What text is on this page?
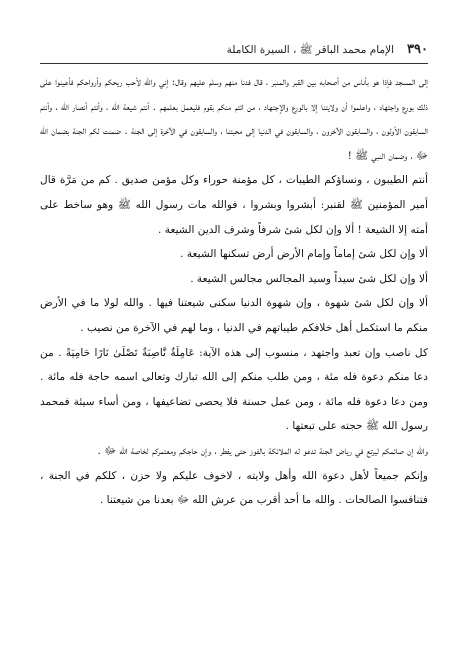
٣٩٠
الإمام محمد الباقر ﷺ ، السيرة الكاملة

إلى المسجد فإذا هو بأناس من أصحابه بين القبر والمنبر ، قال فدنا منهم وسلم عليهم وقال: إني والله لأحب ريحكم وأرواحكم فأعينوا على ذلك بورع واجتهاد ، واعلموا أن ولايتنا إلا بالورع والإجتهاد ، من ائتم منكم بقوم فليعمل بعلمهم . أنتم شيعة الله ، وأنتم أنصار الله ، وأنتم السابقون الأولون ، والسابقون الآخرون ، والسابقون في الدنيا إلى محبتنا ، والسابقون في الآخرة إلى الجنة . ضمنت لكم الجنة بضمان الله ﷻ ، وضمان النبي ﷺ !

أنتم الطيبون ، ونساؤكم الطيبات ، كل مؤمنة حوراء وكل مؤمن صديق . كم من مَرَّة قال أمير المؤمنين ﷺ لقنبر: أبشروا وبشروا ، فوالله مات رسول الله ﷺ وهو ساخط على أمته إلا الشيعة ! ألا وإن لكل شئ شرفاً وشرف الدين الشيعة .

ألا وإن لكل شئ إماماً وإمام الأرض أرض تسكنها الشيعة .

ألا وإن لكل شئ سيداً وسيد المجالس مجالس الشيعة .

ألا وإن لكل شئ شهوة ، وإن شهوة الدنيا سكنى شيعتنا فيها . والله لولا ما في الأرض منكم ما استكمل أهل خلافكم طيباتهم في الدنيا ، وما لهم في الآخرة من نصيب .

كل ناصب وإن تعبد واجتهد ، منسوب إلى هذه الآية: عَامِلَةٌ نَّاصِبَةٌ تَصْلَىٰ نَارًا حَامِيَةً . من دعا منكم دعوة فله مئة ، ومن طلب منكم إلى الله تبارك وتعالى اسمه حاجة فله مائة . ومن دعا دعوة فله مائة ، ومن عمل حسنة فلا يحصى تضاعيفها ، ومن أساء سيئة فمحمد رسول الله ﷺ حجته على تبعتها .

والله إن صائمكم ليرتع في رياض الجنة تدعو له الملائكة بالفوز حتى يفطر ، وإن حاجكم ومعتمركم لخاصة الله ﷻ .

وإنكم جميعاً لأهل دعوة الله وأهل ولايته ، لاخوف عليكم ولا حزن ، كلكم في الجنة ، فتنافسوا الصالحات . والله ما أحد أقرب من عرش الله ﷻ بعدنا من شيعتنا .
